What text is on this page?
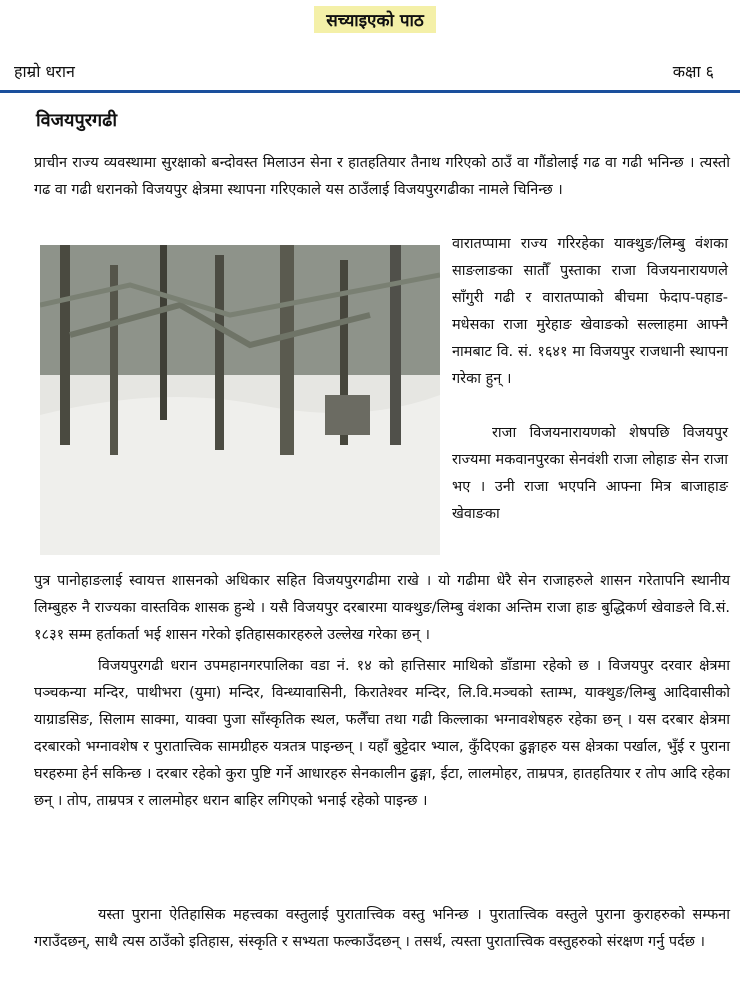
सच्याइएको पाठ
हाम्रो धरान	कक्षा ६
विजयपुरगढी
प्राचीन राज्य व्यवस्थामा सुरक्षाको बन्दोवस्त मिलाउन सेना र हातहतियार तैनाथ गरिएको ठाउँ वा गौंडोलाई गढ वा गढी भनिन्छ । त्यस्तो गढ वा गढी धरानको विजयपुर क्षेत्रमा स्थापना गरिएकाले यस ठाउँलाई विजयपुरगढीका नामले चिनिन्छ ।
वारातप्पामा राज्य गरिरहेका याक्थुङ/लिम्बु वंशका साङलाङका सातौँ पुस्ताका राजा विजयनारायणले साँगुरी गढी र वारातप्पाको बीचमा फेदाप-पहाड-मधेसका राजा मुरेहाङ खेवाङको सल्लाहमा आफ्नै नामबाट वि. सं. १६४१ मा विजयपुर राजधानी स्थापना गरेका हुन् ।
राजा विजयनारायणको शेषपछि विजयपुर राज्यमा मकवानपुरका सेनवंशी राजा लोहाङ सेन राजा भए । उनी राजा भएपनि आफ्ना मित्र बाजाहाङ खेवाङका
पुत्र पानोहाङलाई स्वायत्त शासनको अधिकार सहित विजयपुरगढीमा राखे । यो गढीमा धेरै सेन राजाहरुले शासन गरेतापनि स्थानीय लिम्बुहरु नै राज्यका वास्तविक शासक हुन्थे । यसै विजयपुर दरबारमा याक्थुङ/लिम्बु वंशका अन्तिम राजा हाङ बुद्धिकर्ण खेवाङले वि.सं. १८३१ सम्म हर्ताकर्ता भई शासन गरेको इतिहासकारहरुले उल्लेख गरेका छन् ।
विजयपुरगढी धरान उपमहानगरपालिका वडा नं. १४ को हात्तिसार माथिको डाँडामा रहेको छ । विजयपुर दरवार क्षेत्रमा पञ्चकन्या मन्दिर, पाथीभरा (युमा) मन्दिर, विन्ध्यावासिनी, किरातेश्वर मन्दिर, लि.वि.मञ्चको स्ताम्भ, याक्थुङ/लिम्बु आदिवासीको याग्राडसिङ, सिलाम साक्मा, याक्वा पुजा साँस्कृतिक स्थल, फलैँचा तथा गढी किल्लाका भग्नावशेषहरु रहेका छन् । यस दरबार क्षेत्रमा दरबारको भग्नावशेष र पुरातात्त्विक सामग्रीहरु यत्रतत्र पाइन्छन् । यहाँ बुट्टेदार भ्याल, कुँदिएका ढुङ्गाहरु यस क्षेत्रका पर्खाल, भुँई र पुराना घरहरुमा हेर्न सकिन्छ । दरबार रहेको कुरा पुष्टि गर्ने आधारहरु सेनकालीन ढुङ्गा, ईटा, लालमोहर, ताम्रपत्र, हातहतियार र तोप आदि रहेका छन् । तोप, ताम्रपत्र र लालमोहर धरान बाहिर लगिएको भनाई रहेको पाइन्छ ।
यस्ता पुराना ऐतिहासिक महत्त्वका वस्तुलाई पुरातात्त्विक वस्तु भनिन्छ । पुरातात्त्विक वस्तुले पुराना कुराहरुको सम्फना गराउँदछन्, साथै त्यस ठाउँको इतिहास, संस्कृति र सभ्यता फल्काउँदछन् । तसर्थ, त्यस्ता पुरातात्त्विक वस्तुहरुको संरक्षण गर्नु पर्दछ ।
